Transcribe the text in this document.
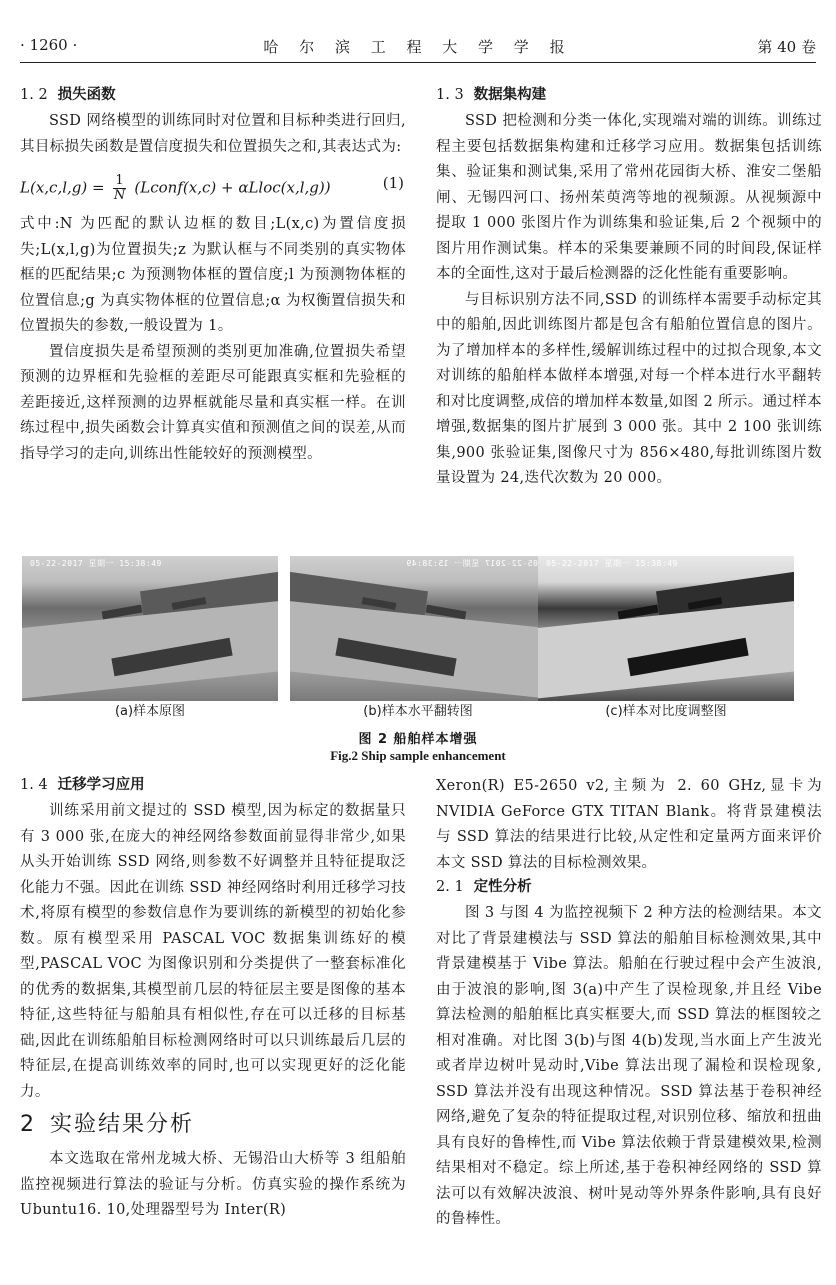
· 1260 ·	哈 尔 滨 工 程 大 学 学 报	第 40 卷
1. 2 损失函数

SSD 网络模型的训练同时对位置和目标种类进行回归,其目标损失函数是置信度损失和位置损失之和,其表达式为:

$L(x,c,l,g) = \frac{1}{N}$ (Lconf(x,c) + αLloc(x,l,g))	(1)

式中:N 为匹配的默认边框的数目;L(x,c)为置信度损失;L(x,l,g)为位置损失;z 为默认框与不同类别的真实物体框的匹配结果;c 为预测物体框的置信度;l 为预测物体框的位置信息;g 为真实物体框的位置信息;α 为权衡置信损失和位置损失的参数,一般设置为 1。

置信度损失是希望预测的类别更加准确,位置损失希望预测的边界框和先验框的差距尽可能跟真实框和先验框的差距接近,这样预测的边界框就能尽量和真实框一样。在训练过程中,损失函数会计算真实值和预测值之间的误差,从而指导学习的走向,训练出性能较好的预测模型。

1. 3 数据集构建

SSD 把检测和分类一体化,实现端对端的训练。训练过程主要包括数据集构建和迁移学习应用。数据集包括训练集、验证集和测试集,采用了常州花园街大桥、淮安二堡船闸、无锡四河口、扬州茱萸湾等地的视频源。从视频源中提取 1 000 张图片作为训练集和验证集,后 2 个视频中的图片用作测试集。样本的采集要兼顾不同的时间段,保证样本的全面性,这对于最后检测器的泛化性能有重要影响。

与目标识别方法不同,SSD 的训练样本需要手动标定其中的船舶,因此训练图片都是包含有船舶位置信息的图片。为了增加样本的多样性,缓解训练过程中的过拟合现象,本文对训练的船舶样本做样本增强,对每一个样本进行水平翻转和对比度调整,成倍的增加样本数量,如图 2 所示。通过样本增强,数据集的图片扩展到 3 000 张。其中 2 100 张训练集,900 张验证集,图像尺寸为 856×480,每批训练图片数量设置为 24,迭代次数为 20 000。

05-22-2017 星期一 15:38:49	05-22-2017 星期一 15:38:49 05-22-2017 星期一 15:38:49
(a)样本原图	(b)样本水平翻转图	(c)样本对比度调整图
图 2 船舶样本增强
Fig.2 Ship sample enhancement
1. 4 迁移学习应用

训练采用前文提过的 SSD 模型,因为标定的数据量只有 3 000 张,在庞大的神经网络参数面前显得非常少,如果从头开始训练 SSD 网络,则参数不好调整并且特征提取泛化能力不强。因此在训练 SSD 神经网络时利用迁移学习技术,将原有模型的参数信息作为要训练的新模型的初始化参数。原有模型采用 PASCAL VOC 数据集训练好的模型,PASCAL VOC 为图像识别和分类提供了一整套标准化的优秀的数据集,其模型前几层的特征层主要是图像的基本特征,这些特征与船舶具有相似性,存在可以迁移的目标基础,因此在训练船舶目标检测网络时可以只训练最后几层的特征层,在提高训练效率的同时,也可以实现更好的泛化能力。

2 实验结果分析

本文选取在常州龙城大桥、无锡沿山大桥等 3 组船舶监控视频进行算法的验证与分析。仿真实验的操作系统为 Ubuntu16. 10,处理器型号为 Inter(R)

Xeron(R) E5-2650 v2,主频为 2. 60 GHz,显卡为 NVIDIA GeForce GTX TITAN Blank。将背景建模法与 SSD 算法的结果进行比较,从定性和定量两方面来评价本文 SSD 算法的目标检测效果。

2. 1 定性分析

图 3 与图 4 为监控视频下 2 种方法的检测结果。本文对比了背景建模法与 SSD 算法的船舶目标检测效果,其中背景建模基于 Vibe 算法。船舶在行驶过程中会产生波浪,由于波浪的影响,图 3(a)中产生了误检现象,并且经 Vibe 算法检测的船舶框比真实框要大,而 SSD 算法的框图较之相对准确。对比图 3(b)与图 4(b)发现,当水面上产生波光或者岸边树叶晃动时,Vibe 算法出现了漏检和误检现象, SSD 算法并没有出现这种情况。SSD 算法基于卷积神经网络,避免了复杂的特征提取过程,对识别位移、缩放和扭曲具有良好的鲁棒性,而 Vibe 算法依赖于背景建模效果,检测结果相对不稳定。综上所述,基于卷积神经网络的 SSD 算法可以有效解决波浪、树叶晃动等外界条件影响,具有良好的鲁棒性。
